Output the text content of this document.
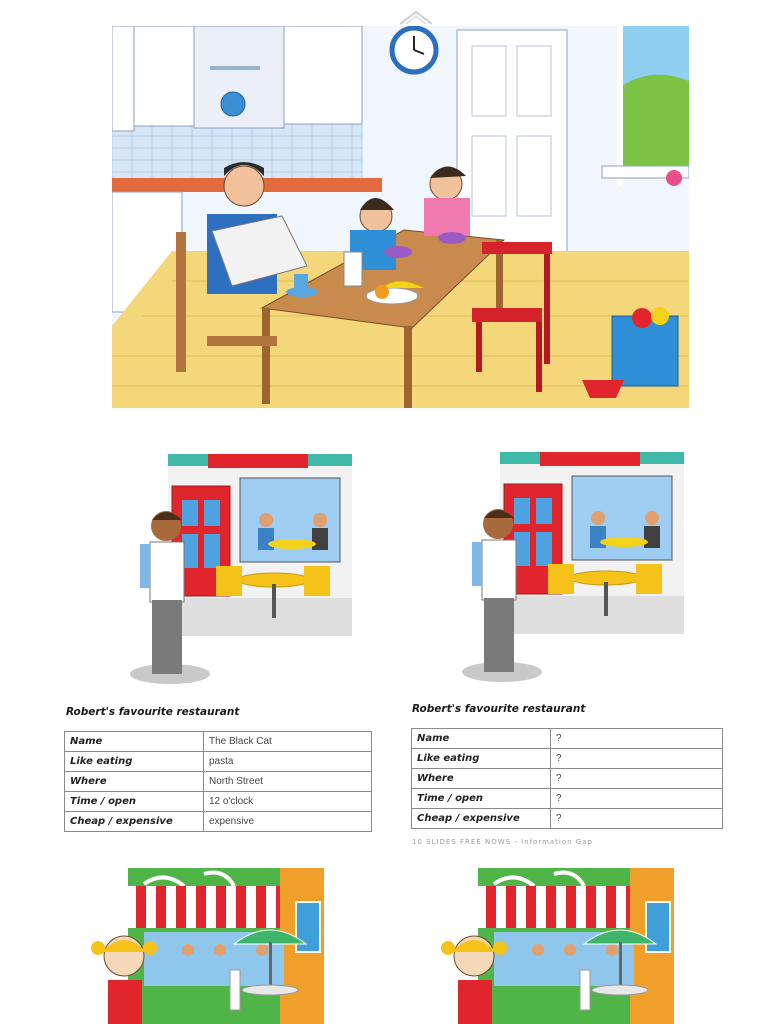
Robert's favourite restaurant
Name	The Black Cat
Like eating	pasta
Where	North Street
Time / open	12 o'clock
Cheap / expensive	expensive
Robert's favourite restaurant
Name	?
Like eating	?
Where	?
Time / open	?
Cheap / expensive	?
10 SLIDES FREE NOWS - Information Gap
